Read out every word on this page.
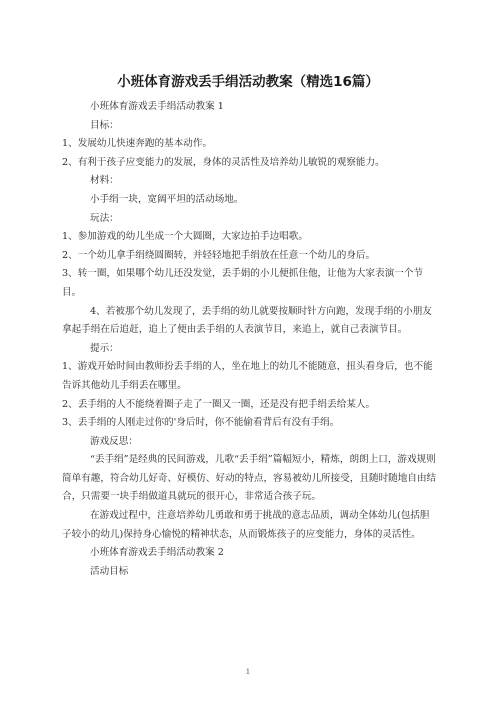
小班体育游戏丢手绢活动教案（精选16篇）

小班体育游戏丢手绢活动教案 1

目标：

1、发展幼儿快速奔跑的基本动作。

2、有利于孩子应变能力的发展，身体的灵活性及培养幼儿敏锐的观察能力。

材料：

小手绢一块，宽阔平坦的活动场地。

玩法：

1、参加游戏的幼儿坐成一个大圆圈，大家边拍手边唱歌。

2、一个幼儿拿手绢绕圆圈转，并轻轻地把手绢放在任意一个幼儿的身后。

3、转一圈，如果哪个幼儿还没发觉，丢手娟的小儿便抓住他，让他为大家表演一个节目。

4、若被那个幼儿发现了，丢手绢的幼儿就要按顺时针方向跑，发现手绢的小朋友拿起手绢在后追赶，追上了便由丢手绢的人表演节目，来追上，就自己表演节目。

提示：

1、游戏开始时间由教师扮丢手绢的人，坐在地上的幼儿不能随意，扭头看身后，也不能告诉其他幼儿手绢丢在哪里。

2、丢手绢的人不能绕着圈子走了一圈又一圈，还是没有把手绢丢给某人。

3、丢手绢的人刚走过你的'身后时，你不能偷看背后有没有手绢。

游戏反思：

“丢手绢”是经典的民间游戏，儿歌“丢手绢”篇幅短小，精炼，朗朗上口，游戏规则简单有趣，符合幼儿好奇、好模仿、好动的特点，容易被幼儿所接受，且随时随地自由结合，只需要一块手绢做道具就玩的很开心，非常适合孩子玩。

在游戏过程中，注意培养幼儿勇敢和勇于挑战的意志品质，调动全体幼儿(包括胆子较小的幼儿)保持身心愉悦的精神状态，从而锻炼孩子的应变能力，身体的灵活性。

小班体育游戏丢手绢活动教案 2

活动目标

1
